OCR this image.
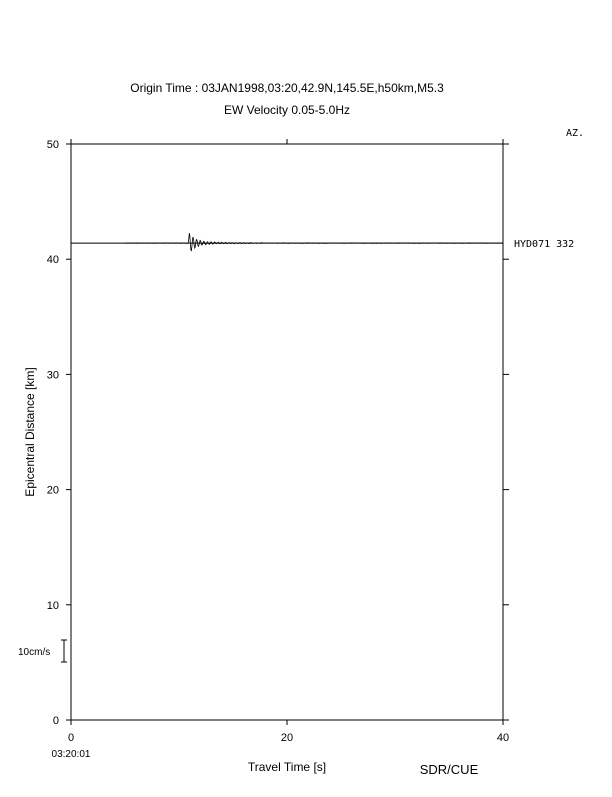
Origin Time : 03JAN1998,03:20,42.9N,145.5E,h50km,M5.3
EW Velocity 0.05-5.0Hz
AZ.
0
10
20
30
40
50
0	20	40
HYD071 332
10cm/s
03:20:01
Travel Time [s]
Epicentral Distance [km]
SDR/CUE
